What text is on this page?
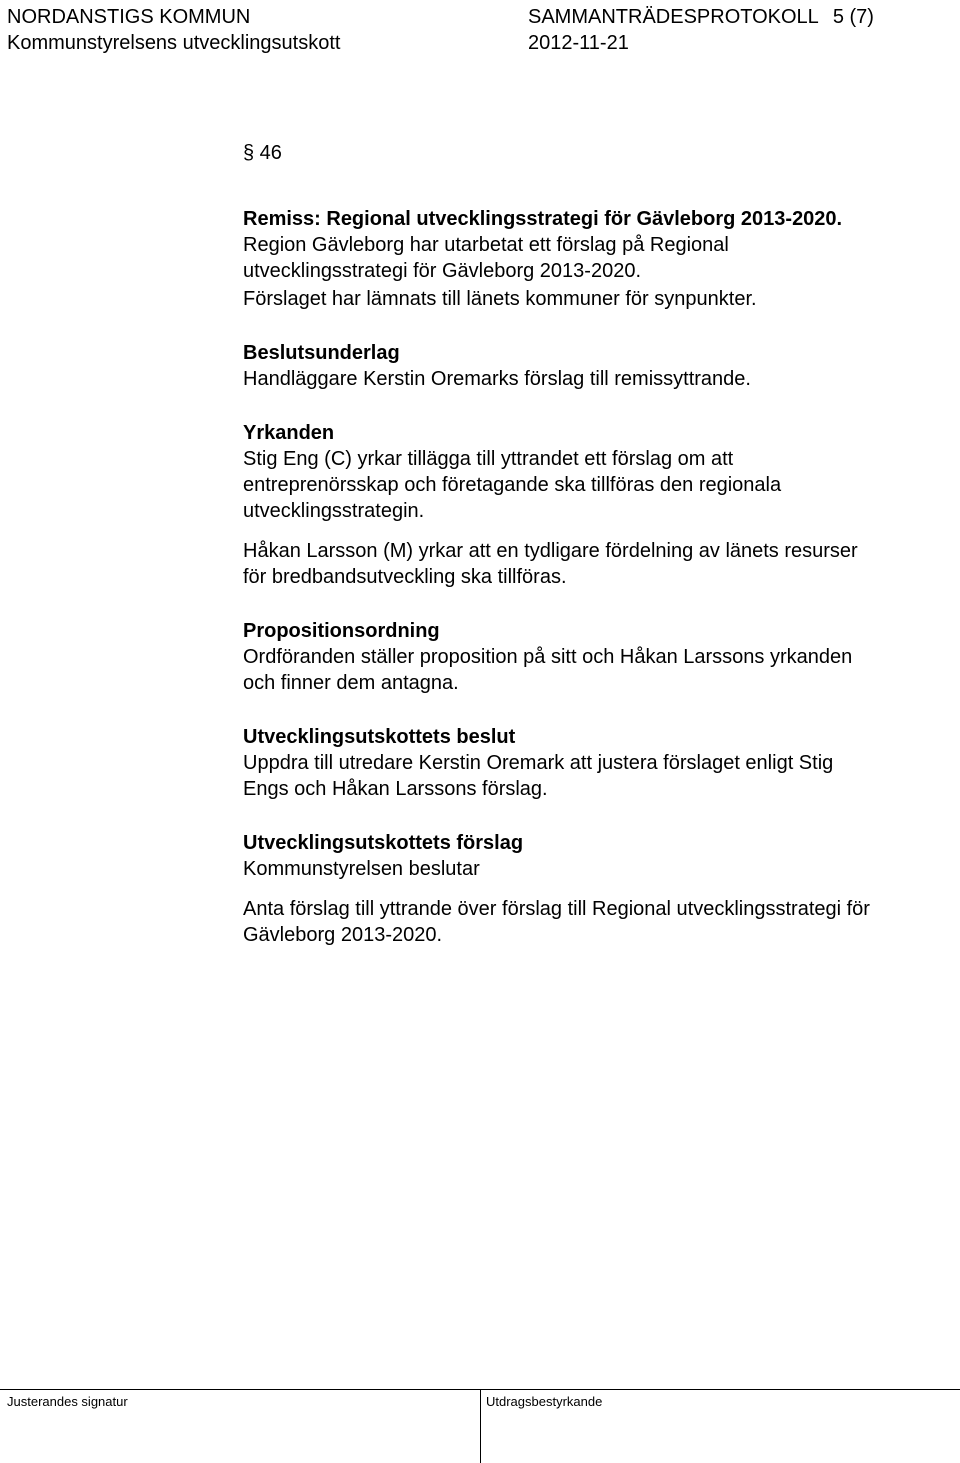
NORDANSTIGS KOMMUN	SAMMANTRÄDESPROTOKOLL 5 (7)
Kommunstyrelsens utvecklingsutskott	2012-11-21
§ 46
Remiss: Regional utvecklingsstrategi för Gävleborg 2013-2020.
Region Gävleborg har utarbetat ett förslag på Regional
utvecklingsstrategi för Gävleborg 2013-2020.
Förslaget har lämnats till länets kommuner för synpunkter.
Beslutsunderlag
Handläggare Kerstin Oremarks förslag till remissyttrande.
Yrkanden
Stig Eng (C) yrkar tillägga till yttrandet ett förslag om att
entreprenörsskap och företagande ska tillföras den regionala
utvecklingsstrategin.
Håkan Larsson (M) yrkar att en tydligare fördelning av länets resurser
för bredbandsutveckling ska tillföras.
Propositionsordning
Ordföranden ställer proposition på sitt och Håkan Larssons yrkanden
och finner dem antagna.
Utvecklingsutskottets beslut
Uppdra till utredare Kerstin Oremark att justera förslaget enligt Stig
Engs och Håkan Larssons förslag.
Utvecklingsutskottets förslag
Kommunstyrelsen beslutar
Anta förslag till yttrande över förslag till Regional utvecklingsstrategi för
Gävleborg 2013-2020.
Justerandes signatur	Utdragsbestyrkande
